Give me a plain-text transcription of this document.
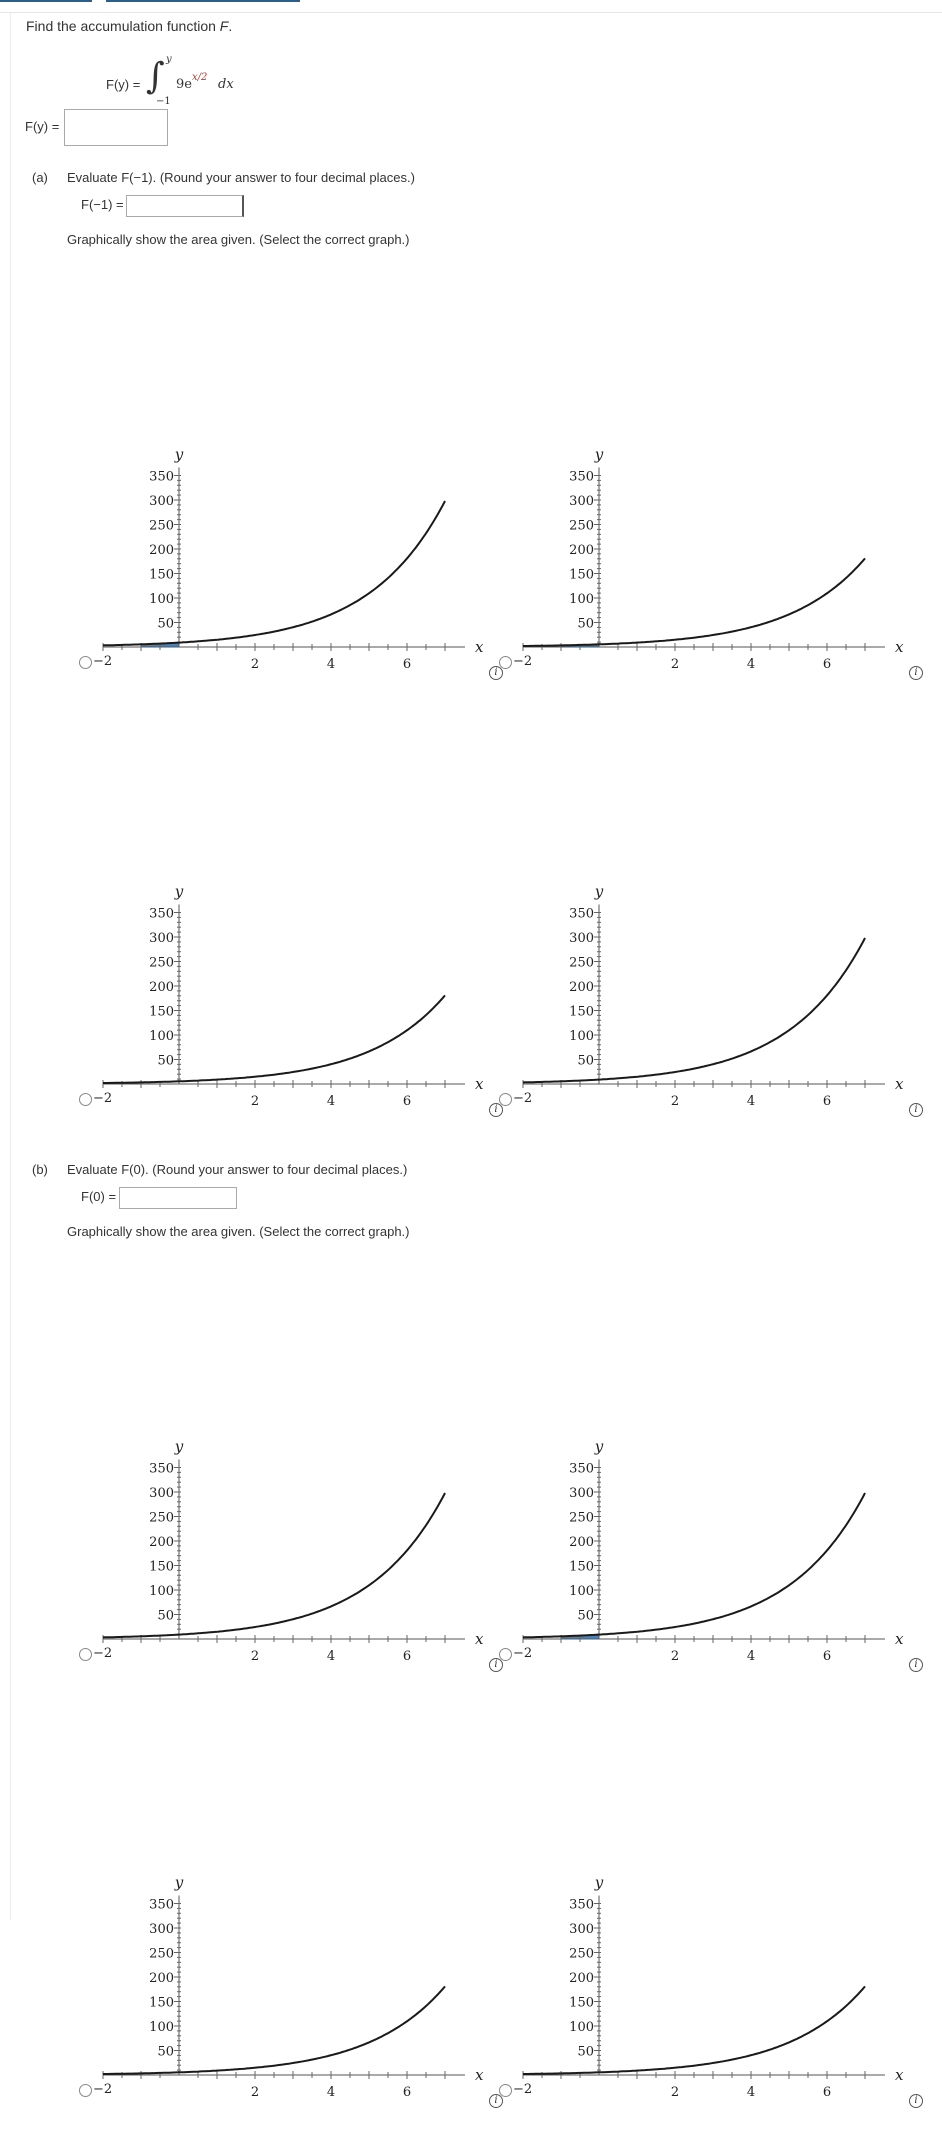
Find the accumulation function F.
F(y) = ∫ y
−1
9e x/2 dx
F(y) =
(a) Evaluate F(−1). (Round your answer to four decimal places.)
F(−1) =
Graphically show the area given. (Select the correct graph.)
(b) Evaluate F(0). (Round your answer to four decimal places.)
F(0) =
Graphically show the area given. (Select the correct graph.)
2	4	6
50
100
150
200
250
300
350
x
y
−2
i
2	4	6
50
100
150
200
250
300
350
x
y
−2
i
2	4	6
50
100
150
200
250
300
350
x
y
−2
i
2	4	6
50
100
150
200
250
300
350
x
y
−2
i
2	4	6
50
100
150
200
250
300
350
x
y
−2
i
2	4	6
50
100
150
200
250
300
350
x
y
−2
i
2	4	6
50
100
150
200
250
300
350
x
y
−2
i
2	4	6
50
100
150
200
250
300
350
x
y
−2
i
